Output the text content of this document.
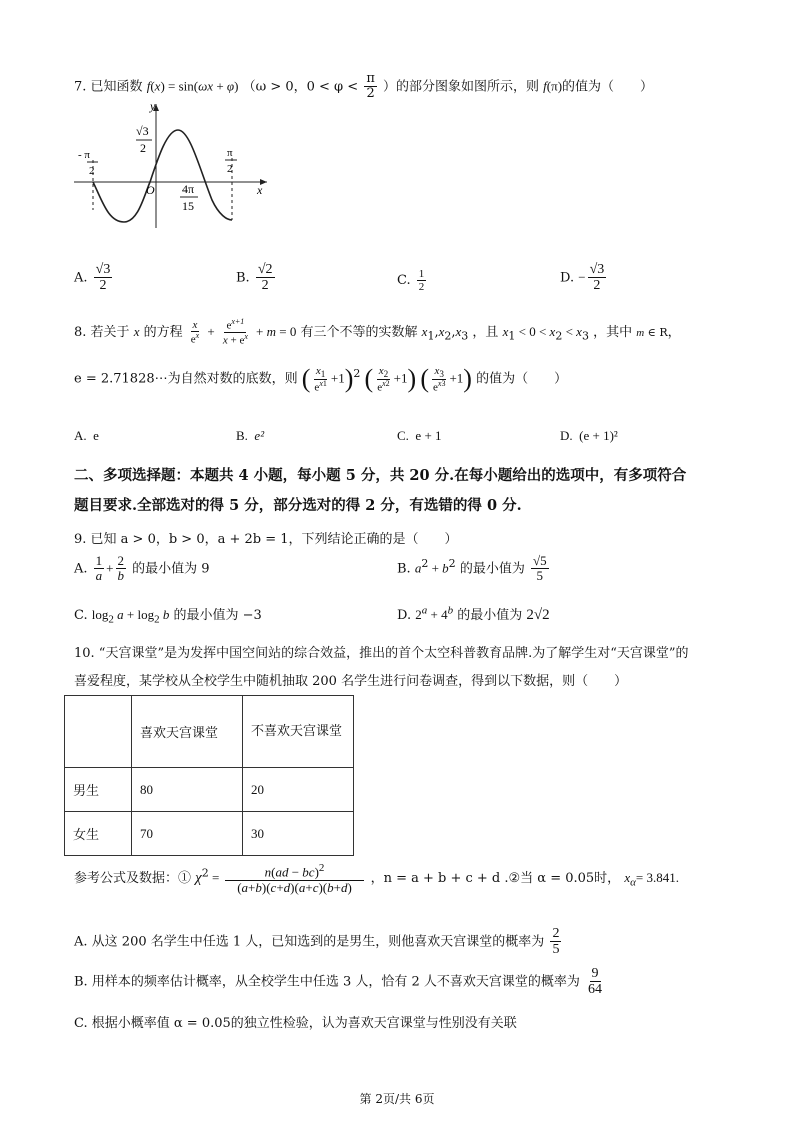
7. 已知函数 f(x) = sin(ωx + φ) （ω > 0，$0 < \varphi < \frac{\pi}{2}$ ）的部分图象如图所示，则 f(π)的值为（　　）
y
x
O
- π
2
π
2
√3
2
4π
15
A. $\frac{√3}{2}$	B. $\frac{√2}{2}$	C. $\frac{1}{2}$	D. − $\frac{√3}{2}$
8. 若关于 x 的方程 $\frac{x}{e^x} + \frac{e^{x+1}}{x + e^x} + m = 0$ 有三个不等的实数解 $x_1,x_2,x_3$ ，且 $x_1 < 0 < x_2 < x_3$ ，其中 m ∈ R，
e = 2.71828⋯为自然对数的底数，则 ( $\frac{x_1}{e^{x1}} +1)^2$ ( $\frac{x_2}{e^{x2}} +1$) ( $\frac{x_3}{e^{x3}} +1$) 的值为（　　）
A. e	B. e²	C. e + 1	D. (e + 1)²
二、多项选择题：本题共 4 小题，每小题 5 分，共 20 分.在每小题给出的选项中，有多项符合
题目要求.全部选对的得 5 分，部分选对的得 2 分，有选错的得 0 分.
9. 已知 a > 0，b > 0，a + 2b = 1，下列结论正确的是（　　）
A. $\frac{1}{a} + \frac{2}{b}$ 的最小值为 9	B. $a^2 + b^2$ 的最小值为 $\frac{√5}{5}$
C. $\log_2 a + \log_2 b$ 的最小值为 −3	D. $2^a + 4^b$ 的最小值为 2√2
10. “天宫课堂”是为发挥中国空间站的综合效益，推出的首个太空科普教育品牌.为了解学生对“天宫课堂”的
喜爱程度，某学校从全校学生中随机抽取 200 名学生进行问卷调查，得到以下数据，则（　　）
	喜欢天宫课堂	不喜欢天宫课堂
男生	80	20
女生	70	30
参考公式及数据：① $\chi^2 = \frac{n(ad - bc)^2}{(a+b)(c+d)(a+c)(b+d)}$ ，n = a + b + c + d .②当 α = 0.05时， $x_\alpha= 3.841$.
A. 从这 200 名学生中任选 1 人，已知选到的是男生，则他喜欢天宫课堂的概率为 $\frac{2}{5}$
B. 用样本的频率估计概率，从全校学生中任选 3 人，恰有 2 人不喜欢天宫课堂的概率为 $\frac{9}{64}$
C. 根据小概率值 α = 0.05的独立性检验，认为喜欢天宫课堂与性别没有关联
第 2页/共 6页
